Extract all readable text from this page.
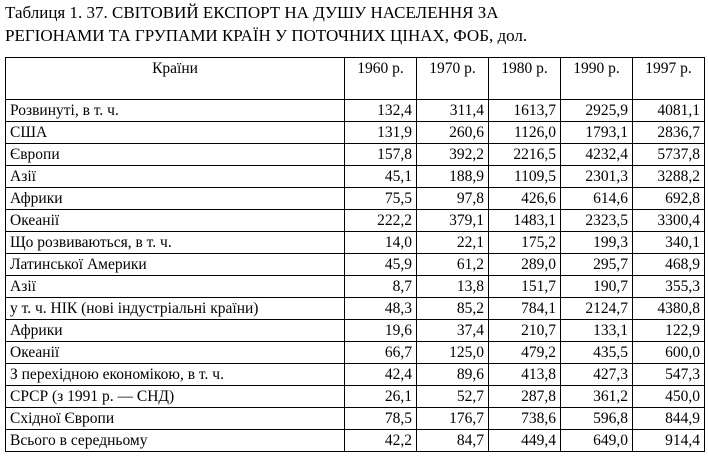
Таблиця 1. 37. СВІТОВИЙ ЕКСПОРТ НА ДУШУ НАСЕЛЕННЯ ЗА
РЕГІОНАМИ ТА ГРУПАМИ КРАЇН У ПОТОЧНИХ ЦІНАХ, ФОБ, дол.
Країни	1960 р.	1970 р.	1980 р.	1990 р.	1997 р.
Розвинуті, в т. ч.	132,4	311,4	1613,7	2925,9	4081,1
США	131,9	260,6	1126,0	1793,1	2836,7
Європи	157,8	392,2	2216,5	4232,4	5737,8
Азії	45,1	188,9	1109,5	2301,3	3288,2
Африки	75,5	97,8	426,6	614,6	692,8
Океанії	222,2	379,1	1483,1	2323,5	3300,4
Що розвиваються, в т. ч.	14,0	22,1	175,2	199,3	340,1
Латинської Америки	45,9	61,2	289,0	295,7	468,9
Азії	8,7	13,8	151,7	190,7	355,3
у т. ч. НІК (нові індустріальні країни)	48,3	85,2	784,1	2124,7	4380,8
Африки	19,6	37,4	210,7	133,1	122,9
Океанії	66,7	125,0	479,2	435,5	600,0
З перехідною економікою, в т. ч.	42,4	89,6	413,8	427,3	547,3
СРСР (з 1991 р. — СНД)	26,1	52,7	287,8	361,2	450,0
Східної Європи	78,5	176,7	738,6	596,8	844,9
Всього в середньому	42,2	84,7	449,4	649,0	914,4
